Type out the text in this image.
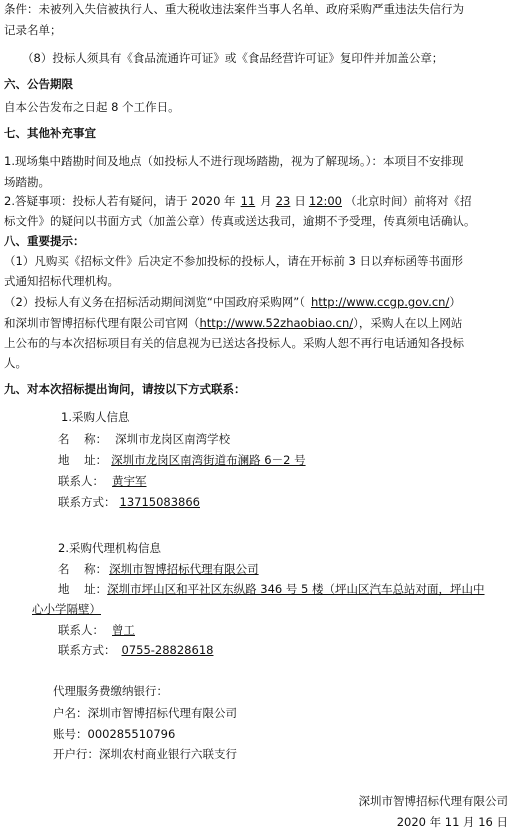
条件：未被列入失信被执行人、重大税收违法案件当事人名单、政府采购严重违法失信行为
记录名单；
（8）投标人须具有《食品流通许可证》或《食品经营许可证》复印件并加盖公章；
六、公告期限
自本公告发布之日起 8 个工作日。
七、其他补充事宜
1.现场集中踏勘时间及地点（如投标人不进行现场踏勘，视为了解现场。）：本项目不安排现
场踏勘。
2.答疑事项：投标人若有疑问，请于 2020 年 11 月 23 日 12:00 （北京时间）前将对《招
标文件》的疑问以书面方式（加盖公章）传真或送达我司，逾期不予受理，传真须电话确认。
八、重要提示：
（1）凡购买《招标文件》后决定不参加投标的投标人，请在开标前 3 日以弃标函等书面形
式通知招标代理机构。
（2）投标人有义务在招标活动期间浏览“中国政府采购网”（ http://www.ccgp.gov.cn/）
和深圳市智博招标代理有限公司官网（http://www.52zhaobiao.cn/），采购人在以上网站
上公布的与本次招标项目有关的信息视为已送达各投标人。采购人恕不再行电话通知各投标
人。
九、对本次招标提出询问，请按以下方式联系：
1.采购人信息
名    称： 深圳市龙岗区南湾学校
地    址： 深圳市龙岗区南湾街道布澜路 6－2 号
联系人： 黄宇军
联系方式： 13715083866
2.采购代理机构信息
名    称： 深圳市智博招标代理有限公司
地    址：深圳市坪山区和平社区东纵路 346 号 5 楼（坪山区汽车总站对面，坪山中
心小学隔壁）
联系人： 曾工
联系方式： 0755-28828618
代理服务费缴纳银行：
户名：深圳市智博招标代理有限公司
账号：000285510796
开户行：深圳农村商业银行六联支行
深圳市智博招标代理有限公司
2020 年 11 月 16 日
